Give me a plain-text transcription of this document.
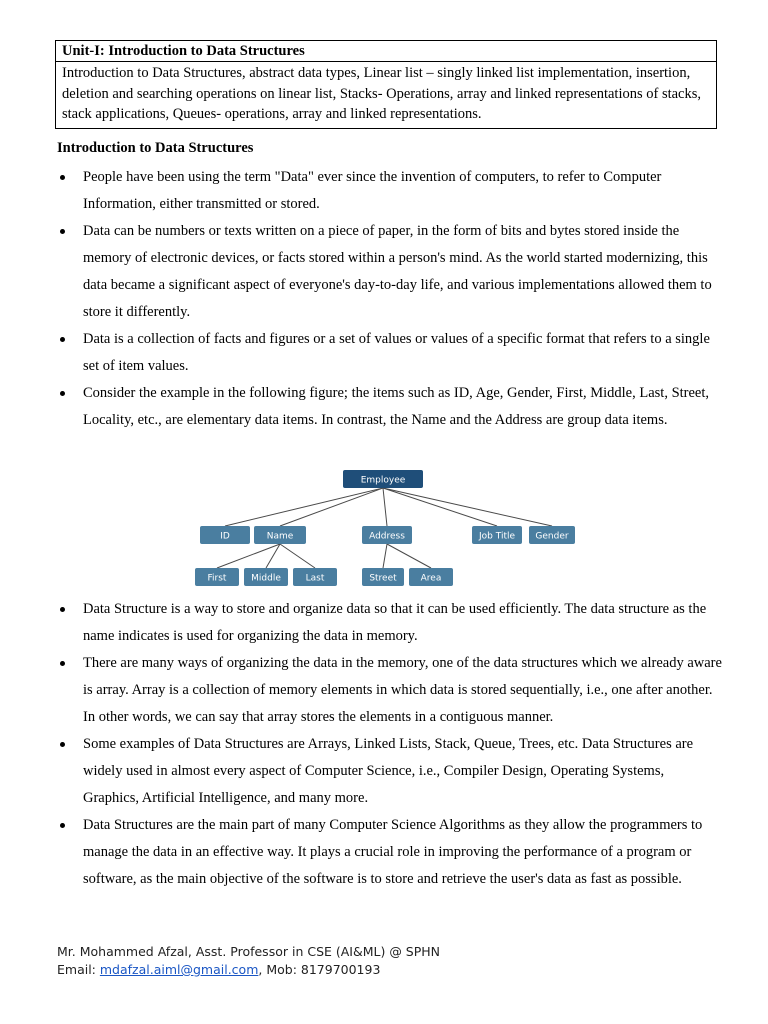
Unit-I: Introduction to Data Structures
Introduction to Data Structures, abstract data types, Linear list – singly linked list implementation, insertion, deletion and searching operations on linear list, Stacks- Operations, array and linked representations of stacks, stack applications, Queues- operations, array and linked representations.
Introduction to Data Structures
People have been using the term "Data" ever since the invention of computers, to refer to Computer Information, either transmitted or stored.
Data can be numbers or texts written on a piece of paper, in the form of bits and bytes stored inside the memory of electronic devices, or facts stored within a person's mind. As the world started modernizing, this data became a significant aspect of everyone's day-to-day life, and various implementations allowed them to store it differently.
Data is a collection of facts and figures or a set of values or values of a specific format that refers to a single set of item values.
Consider the example in the following figure; the items such as ID, Age, Gender, First, Middle, Last, Street, Locality, etc., are elementary data items. In contrast, the Name and the Address are group data items.
Employee
ID	Name	Address	Job Title Gender
First	Middle	Last	Street	Area
Data Structure is a way to store and organize data so that it can be used efficiently. The data structure as the name indicates is used for organizing the data in memory.
There are many ways of organizing the data in the memory, one of the data structures which we already aware is array. Array is a collection of memory elements in which data is stored sequentially, i.e., one after another. In other words, we can say that array stores the elements in a contiguous manner.
Some examples of Data Structures are Arrays, Linked Lists, Stack, Queue, Trees, etc. Data Structures are widely used in almost every aspect of Computer Science, i.e., Compiler Design, Operating Systems, Graphics, Artificial Intelligence, and many more.
Data Structures are the main part of many Computer Science Algorithms as they allow the programmers to manage the data in an effective way. It plays a crucial role in improving the performance of a program or software, as the main objective of the software is to store and retrieve the user's data as fast as possible.
Mr. Mohammed Afzal, Asst. Professor in CSE (AI&ML) @ SPHN
Email: mdafzal.aiml@gmail.com, Mob: 8179700193
